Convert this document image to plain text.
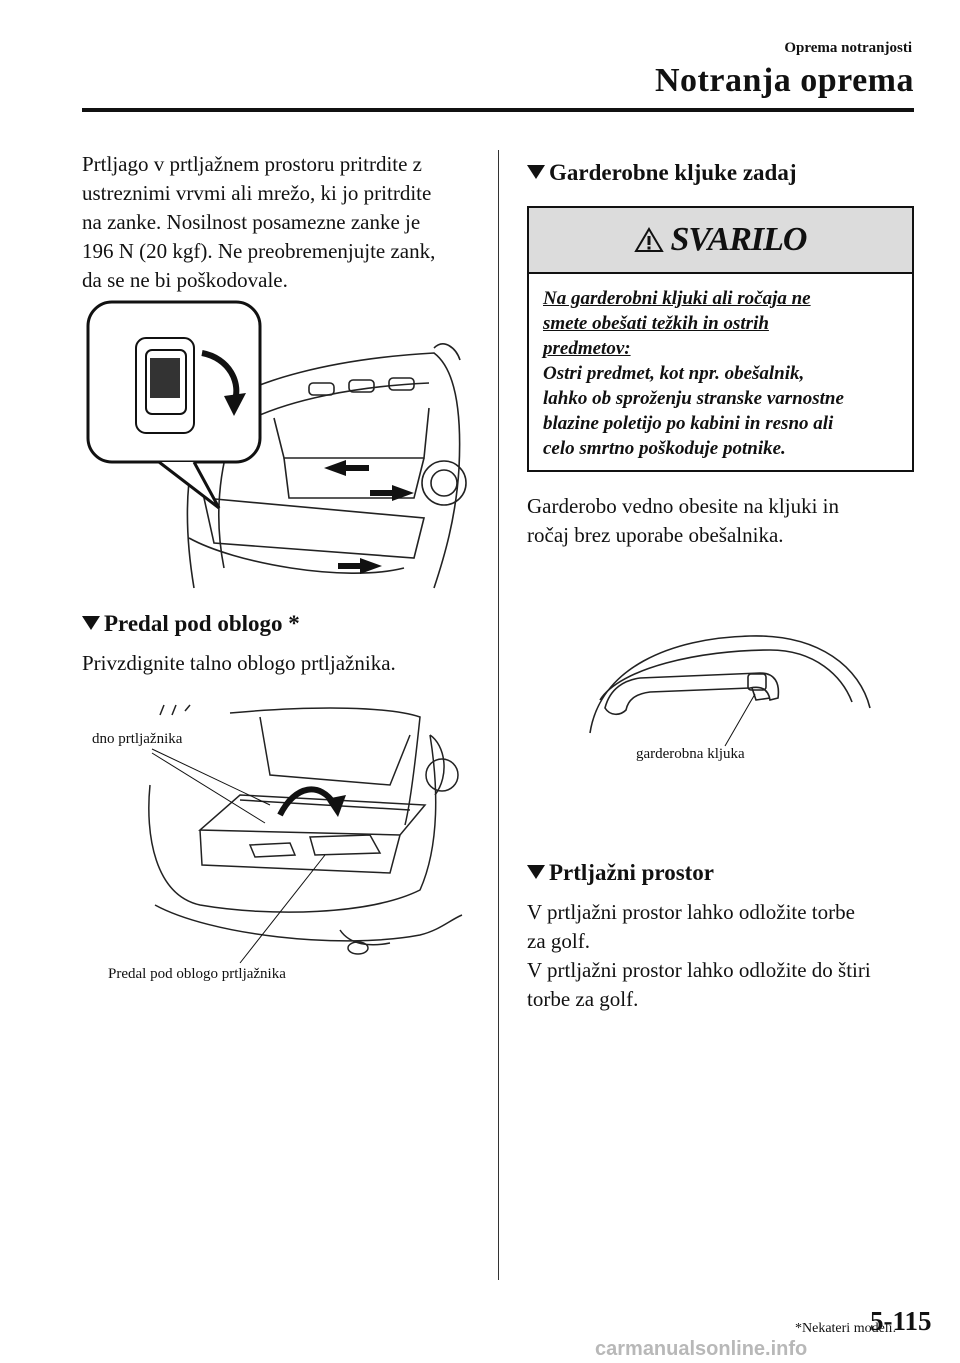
Oprema notranjosti
Notranja oprema
Prtljago v prtljažnem prostoru pritrdite z
ustreznimi vrvmi ali mrežo, ki jo pritrdite
na zanke. Nosilnost posamezne zanke je
196 N (20 kgf). Ne preobremenjujte zank,
da se ne bi poškodovale.
Predal pod oblogo *
Privzdignite talno oblogo prtljažnika.
dno prtljažnika
Predal pod oblogo prtljažnika
Garderobne kljuke zadaj
SVARILO
Na garderobni kljuki ali ročaja ne
smete obešati težkih in ostrih
predmetov:
Ostri predmet, kot npr. obešalnik,
lahko ob sproženju stranske varnostne
blazine poletijo po kabini in resno ali
celo smrtno poškoduje potnike.
Garderobo vedno obesite na kljuki in
ročaj brez uporabe obešalnika.
garderobna kljuka
Prtljažni prostor
V prtljažni prostor lahko odložite torbe
za golf.
V prtljažni prostor lahko odložite do štiri
torbe za golf.
*Nekateri modeli.
5-115
carmanualsonline.info
